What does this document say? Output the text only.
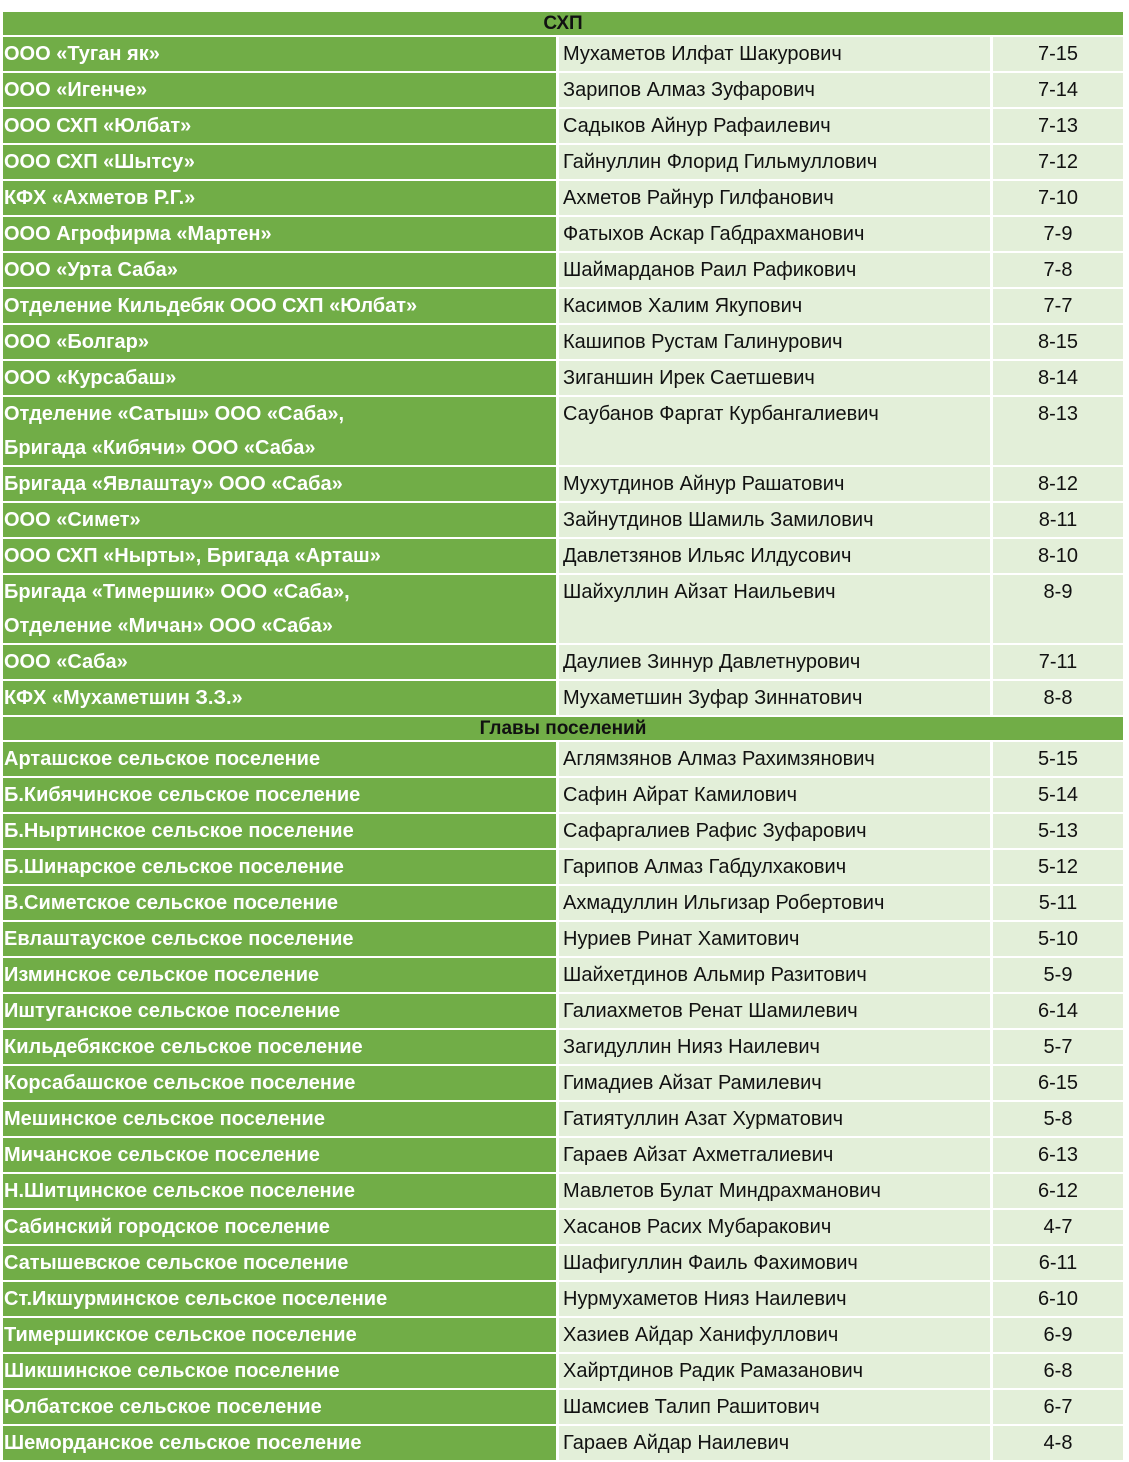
СХП
ООО «Туган як»	Мухаметов Илфат Шакурович	7-15
ООО «Игенче»	Зарипов Алмаз Зуфарович	7-14
ООО СХП «Юлбат»	Садыков Айнур Рафаилевич	7-13
ООО СХП «Шытсу»	Гайнуллин Флорид Гильмуллович	7-12
КФХ «Ахметов Р.Г.»	Ахметов Райнур Гилфанович	7-10
ООО Агрофирма «Мартен»	Фатыхов Аскар Габдрахманович	7-9
ООО «Урта Саба»	Шаймарданов Раил Рафикович	7-8
Отделение Кильдебяк ООО СХП «Юлбат»	Касимов Халим Якупович	7-7
ООО «Болгар»	Кашипов Рустам Галинурович	8-15
ООО «Курсабаш»	Зиганшин Ирек Саетшевич	8-14
Отделение «Сатыш» ООО «Саба»,
Бригада «Кибячи» ООО «Саба»
Саубанов Фаргат Курбангалиевич	8-13
Бригада «Явлаштау» ООО «Саба»	Мухутдинов Айнур Рашатович	8-12
ООО «Симет»	Зайнутдинов Шамиль Замилович	8-11
ООО СХП «Нырты», Бригада «Арташ»	Давлетзянов Ильяс Илдусович	8-10
Бригада «Тимершик» ООО «Саба»,
Отделение «Мичан» ООО «Саба»
Шайхуллин Айзат Наильевич	8-9
ООО «Саба»	Даулиев Зиннур Давлетнурович	7-11
КФХ «Мухаметшин З.З.»	Мухаметшин Зуфар Зиннатович	8-8
Главы поселений
Арташское сельское поселение	Аглямзянов Алмаз Рахимзянович	5-15
Б.Кибячинское сельское поселение	Сафин Айрат Камилович	5-14
Б.Ныртинское сельское поселение	Сафаргалиев Рафис Зуфарович	5-13
Б.Шинарское сельское поселение	Гарипов Алмаз Габдулхакович	5-12
В.Симетское сельское поселение	Ахмадуллин Ильгизар Робертович	5-11
Евлаштауское сельское поселение	Нуриев Ринат Хамитович	5-10
Изминское сельское поселение	Шайхетдинов Альмир Разитович	5-9
Иштуганское сельское поселение	Галиахметов Ренат Шамилевич	6-14
Кильдебякское сельское поселение	Загидуллин Нияз Наилевич	5-7
Корсабашское сельское поселение	Гимадиев Айзат Рамилевич	6-15
Мешинское сельское поселение	Гатиятуллин Азат Хурматович	5-8
Мичанское сельское поселение	Гараев Айзат Ахметгалиевич	6-13
Н.Шитцинское сельское поселение	Мавлетов Булат Миндрахманович	6-12
Сабинский городское поселение	Хасанов Расих Мубаракович	4-7
Сатышевское сельское поселение	Шафигуллин Фаиль Фахимович	6-11
Ст.Икшурминское сельское поселение	Нурмухаметов Нияз Наилевич	6-10
Тимершикское сельское поселение	Хазиев Айдар Ханифуллович	6-9
Шикшинское сельское поселение	Хайртдинов Радик Рамазанович	6-8
Юлбатское сельское поселение	Шамсиев Талип Рашитович	6-7
Шеморданское сельское поселение	Гараев Айдар Наилевич	4-8
